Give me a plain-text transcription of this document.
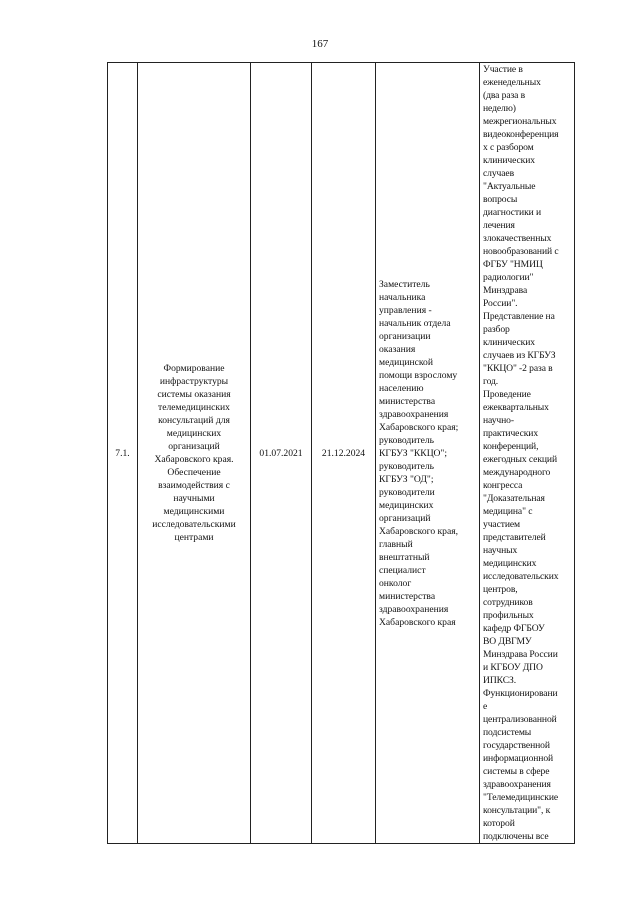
167
7.1.	Формирование
инфраструктуры
системы оказания
телемедицинских
консультаций для
медицинских
организаций
Хабаровского края.
Обеспечение
взаимодействия с
научными
медицинскими
исследовательскими
центрами	01.07.2021	21.12.2024	Заместитель
начальника
управления -
начальник отдела
организации
оказания
медицинской
помощи взрослому
населению
министерства
здравоохранения
Хабаровского края;
руководитель
КГБУЗ "ККЦО";
руководитель
КГБУЗ "ОД";
руководители
медицинских
организаций
Хабаровского края,
главный
внештатный
специалист
онколог
министерства
здравоохранения
Хабаровского края	Участие в
еженедельных
(два раза в
неделю)
межрегиональных
видеоконференция
х с разбором
клинических
случаев
"Актуальные
вопросы
диагностики и
лечения
злокачественных
новообразований с
ФГБУ "НМИЦ
радиологии"
Минздрава
России".
Представление на
разбор
клинических
случаев из КГБУЗ
"ККЦО" -2 раза в
год.
Проведение
ежеквартальных
научно-
практических
конференций,
ежегодных секций
международного
конгресса
"Доказательная
медицина" с
участием
представителей
научных
медицинских
исследовательских
центров,
сотрудников
профильных
кафедр ФГБОУ
ВО ДВГМУ
Минздрава России
и КГБОУ ДПО
ИПКСЗ.
Функционировани
е
централизованной
подсистемы
государственной
информационной
системы в сфере
здравоохранения
"Телемедицинские
консультации", к
которой
подключены все
